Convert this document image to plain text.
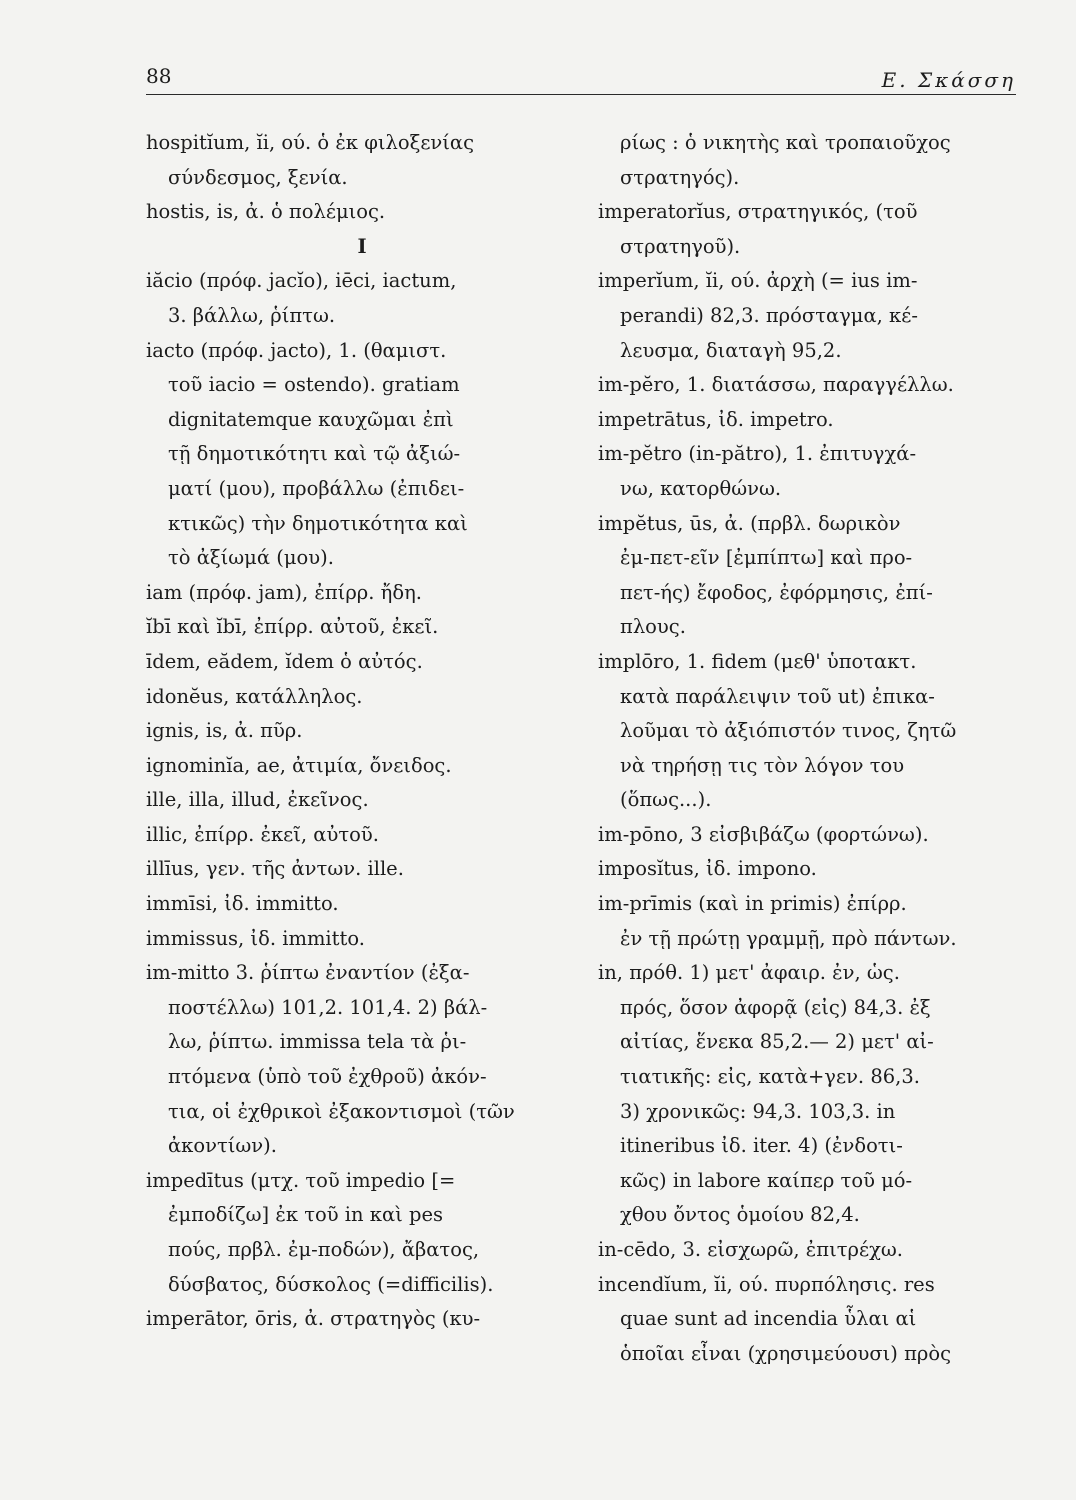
88	Ε. Σκάσση
hospitĭum, ĭi, ού. ὁ ἐκ φιλοξενίας
σύνδεσμος, ξενία.
hostis, is, ἀ. ὁ πολέμιος.
I
iăcio (πρόφ. jacĭo), iēci, iactum,
3. βάλλω, ῥίπτω.
iacto (πρόφ. jacto), 1. (θαμιστ.
τοῦ iacio = ostendo). gratiam
dignitatemque καυχῶμαι ἐπὶ
τῇ δημοτικότητι καὶ τῷ ἀξιώ-
ματί (μου), προβάλλω (ἐπιδει-
κτικῶς) τὴν δημοτικότητα καὶ
τὸ ἀξίωμά (μου).
iam (πρόφ. jam), ἐπίρρ. ἤδη.
ĭbī καὶ ĭbī, ἐπίρρ. αὐτοῦ, ἐκεῖ.
īdem, eădem, ĭdem ὁ αὐτός.
idonĕus, κατάλληλος.
ignis, is, ἀ. πῦρ.
ignominĭa, ae, ἀτιμία, ὄνειδος.
ille, illa, illud, ἐκεῖνος.
illic, ἐπίρρ. ἐκεῖ, αὐτοῦ.
illīus, γεν. τῆς ἀντων. ille.
immīsi, ἰδ. immitto.
immissus, ἰδ. immitto.
im-mitto 3. ῥίπτω ἐναντίον (ἐξα-
ποστέλλω) 101,2. 101,4. 2) βάλ-
λω, ῥίπτω. immissa tela τὰ ῥι-
πτόμενα (ὑπὸ τοῦ ἐχθροῦ) ἀκόν-
τια, οἱ ἐχθρικοὶ ἐξακοντισμοὶ (τῶν
ἀκοντίων).
impedītus (μτχ. τοῦ impedio [=
ἐμποδίζω] ἐκ τοῦ in καὶ pes
πούς, πρβλ. ἐμ-ποδών), ἄβατος,
δύσβατος, δύσκολος (=difficilis).
imperātor, ōris, ἀ. στρατηγὸς (κυ-
ρίως : ὁ νικητὴς καὶ τροπαιοῦχος
στρατηγός).
imperatorĭus, στρατηγικός, (τοῦ
στρατηγοῦ).
imperĭum, ĭi, ού. ἀρχὴ (= ius im-
perandi) 82,3. πρόσταγμα, κέ-
λευσμα, διαταγὴ 95,2.
im-pĕro, 1. διατάσσω, παραγγέλλω.
impetrātus, ἰδ. impetro.
im-pĕtro (in-pătro), 1. ἐπιτυγχά-
νω, κατορθώνω.
impĕtus, ūs, ἀ. (πρβλ. δωρικὸν
ἐμ-πετ-εῖν [ἐμπίπτω] καὶ προ-
πετ-ής) ἔφοδος, ἐφόρμησις, ἐπί-
πλους.
implōro, 1. fidem (μεθ' ὑποτακτ.
κατὰ παράλειψιν τοῦ ut) ἐπικα-
λοῦμαι τὸ ἀξιόπιστόν τινος, ζητῶ
νὰ τηρήσῃ τις τὸν λόγον του
(ὅπως...).
im-pōno, 3 εἰσβιβάζω (φορτώνω).
imposĭtus, ἰδ. impono.
im-prīmis (καὶ in primis) ἐπίρρ.
ἐν τῇ πρώτῃ γραμμῇ, πρὸ πάντων.
in, πρόθ. 1) μετ' ἀφαιρ. ἐν, ὡς.
πρός, ὅσον ἀφορᾷ (εἰς) 84,3. ἐξ
αἰτίας, ἕνεκα 85,2.— 2) μετ' αἰ-
τιατικῆς: εἰς, κατὰ+γεν. 86,3.
3) χρονικῶς: 94,3. 103,3. in
itineribus ἰδ. iter. 4) (ἐνδοτι-
κῶς) in labore καίπερ τοῦ μό-
χθου ὄντος ὁμοίου 82,4.
in-cēdo, 3. εἰσχωρῶ, ἐπιτρέχω.
incendĭum, ĭi, ού. πυρπόλησις. res
quae sunt ad incendia ὗλαι αἱ
ὁποῖαι εἶναι (χρησιμεύουσι) πρὸς
